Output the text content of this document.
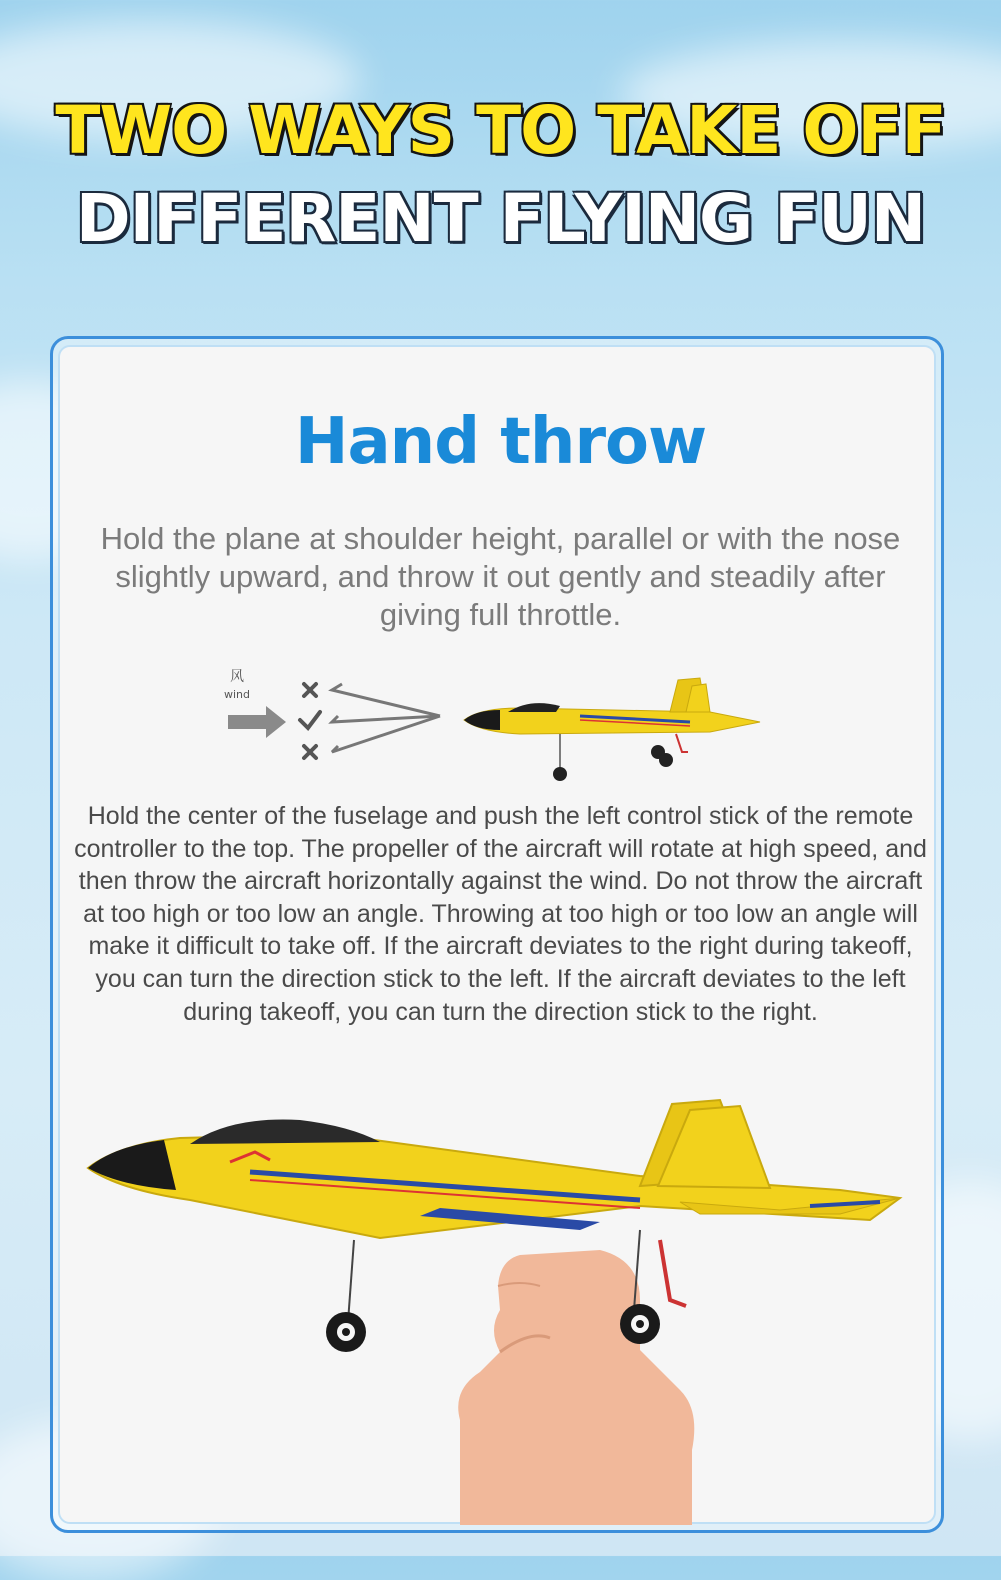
TWO WAYS TO TAKE OFF
DIFFERENT FLYING FUN
Hand throw

Hold the plane at shoulder height, parallel or with the nose slightly upward, and throw it out gently and steadily after giving full throttle.

风
wind

Hold the center of the fuselage and push the left control stick of the remote controller to the top. The propeller of the aircraft will rotate at high speed, and then throw the aircraft horizontally against the wind. Do not throw the aircraft at too high or too low an angle. Throwing at too high or too low an angle will make it difficult to take off. If the aircraft deviates to the right during takeoff, you can turn the direction stick to the left. If the aircraft deviates to the left during takeoff, you can turn the direction stick to the right.
